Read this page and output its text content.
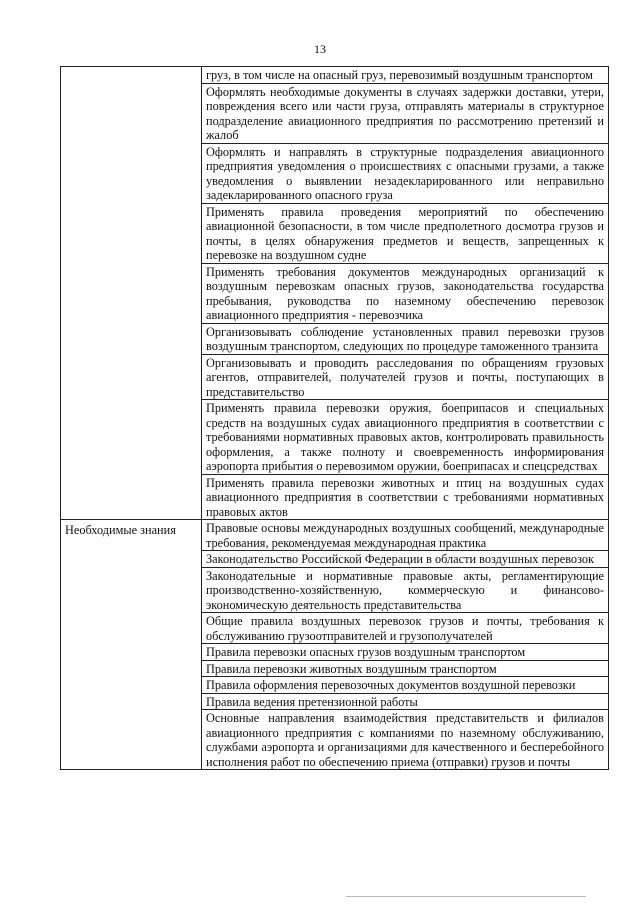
13
	груз, в том числе на опасный груз, перевозимый воздушным транспортом
	Оформлять необходимые документы в случаях задержки доставки, утери, повреждения всего или части груза, отправлять материалы в структурное подразделение авиационного предприятия по рассмотрению претензий и жалоб
	Оформлять и направлять в структурные подразделения авиационного предприятия уведомления о происшествиях с опасными грузами, а также уведомления о выявлении незадекларированного или неправильно задекларированного опасного груза
	Применять правила проведения мероприятий по обеспечению авиационной безопасности, в том числе предполетного досмотра грузов и почты, в целях обнаружения предметов и веществ, запрещенных к перевозке на воздушном судне
	Применять требования документов международных организаций к воздушным перевозкам опасных грузов, законодательства государства пребывания, руководства по наземному обеспечению перевозок авиационного предприятия - перевозчика
	Организовывать соблюдение установленных правил перевозки грузов воздушным транспортом, следующих по процедуре таможенного транзита
	Организовывать и проводить расследования по обращениям грузовых агентов, отправителей, получателей грузов и почты, поступающих в представительство
	Применять правила перевозки оружия, боеприпасов и специальных средств на воздушных судах авиационного предприятия в соответствии с требованиями нормативных правовых актов, контролировать правильность оформления, а также полноту и своевременность информирования аэропорта прибытия о перевозимом оружии, боеприпасах и спецсредствах
	Применять правила перевозки животных и птиц на воздушных судах авиационного предприятия в соответствии с требованиями нормативных правовых актов
Необходимые знания	Правовые основы международных воздушных сообщений, международные требования, рекомендуемая международная практика
	Законодательство Российской Федерации в области воздушных перевозок
	Законодательные и нормативные правовые акты, регламентирующие производственно-хозяйственную, коммерческую и финансово-экономическую деятельность представительства
	Общие правила воздушных перевозок грузов и почты, требования к обслуживанию грузоотправителей и грузополучателей
	Правила перевозки опасных грузов воздушным транспортом
	Правила перевозки животных воздушным транспортом
	Правила оформления перевозочных документов воздушной перевозки
	Правила ведения претензионной работы
	Основные направления взаимодействия представительств и филиалов авиационного предприятия с компаниями по наземному обслуживанию, службами аэропорта и организациями для качественного и бесперебойного исполнения работ по обеспечению приема (отправки) грузов и почты
